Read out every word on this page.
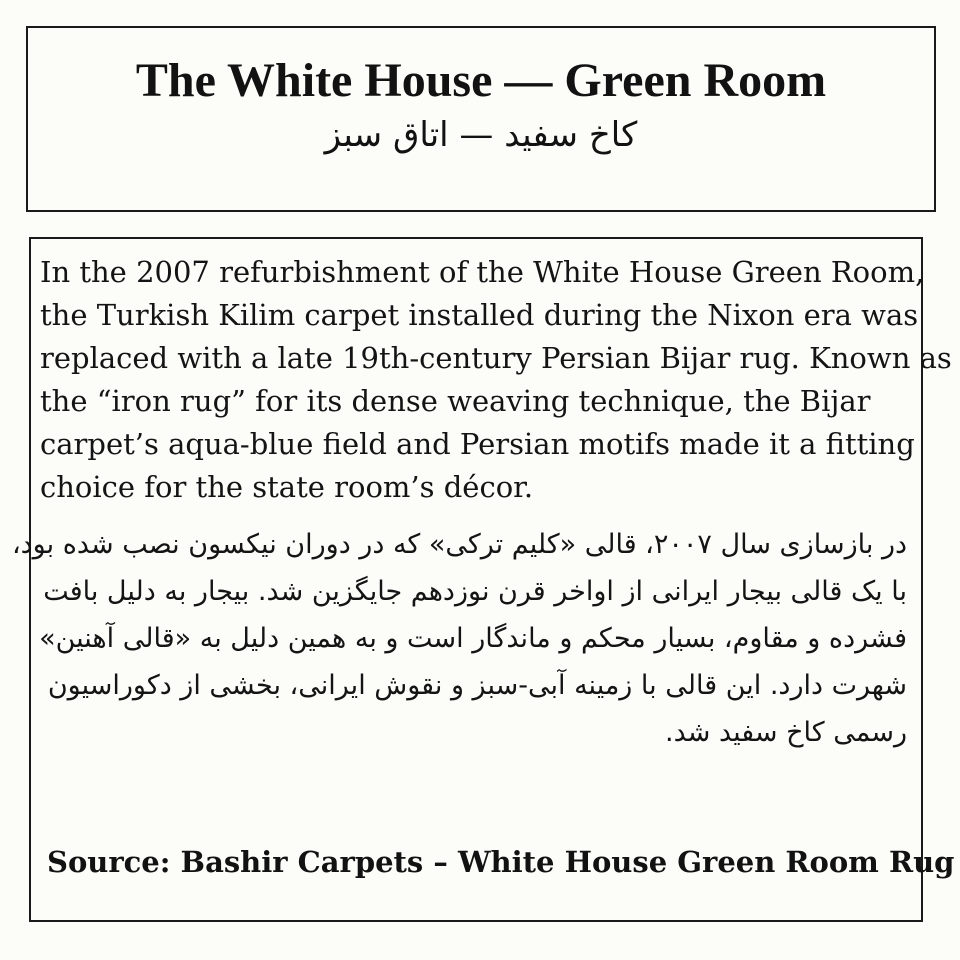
The White House — Green Room
کاخ سفید — اتاق سبز
In the 2007 refurbishment of the White House Green Room,
the Turkish Kilim carpet installed during the Nixon era was
replaced with a late 19th-century Persian Bijar rug. Known as
the “iron rug” for its dense weaving technique, the Bijar
carpet’s aqua-blue field and Persian motifs made it a fitting
choice for the state room’s décor.
در بازسازی سال ۲۰۰۷، قالی «کلیم ترکی» که در دوران نیکسون نصب شده بود،
با یک قالی بیجار ایرانی از اواخر قرن نوزدهم جایگزین شد. بیجار به دلیل بافت
فشرده و مقاوم، بسیار محکم و ماندگار است و به همین دلیل به «قالی آهنین»
شهرت دارد. این قالی با زمینه آبی-سبز و نقوش ایرانی، بخشی از دکوراسیون
رسمی کاخ سفید شد.

Source: Bashir Carpets – White House Green Room Rug
